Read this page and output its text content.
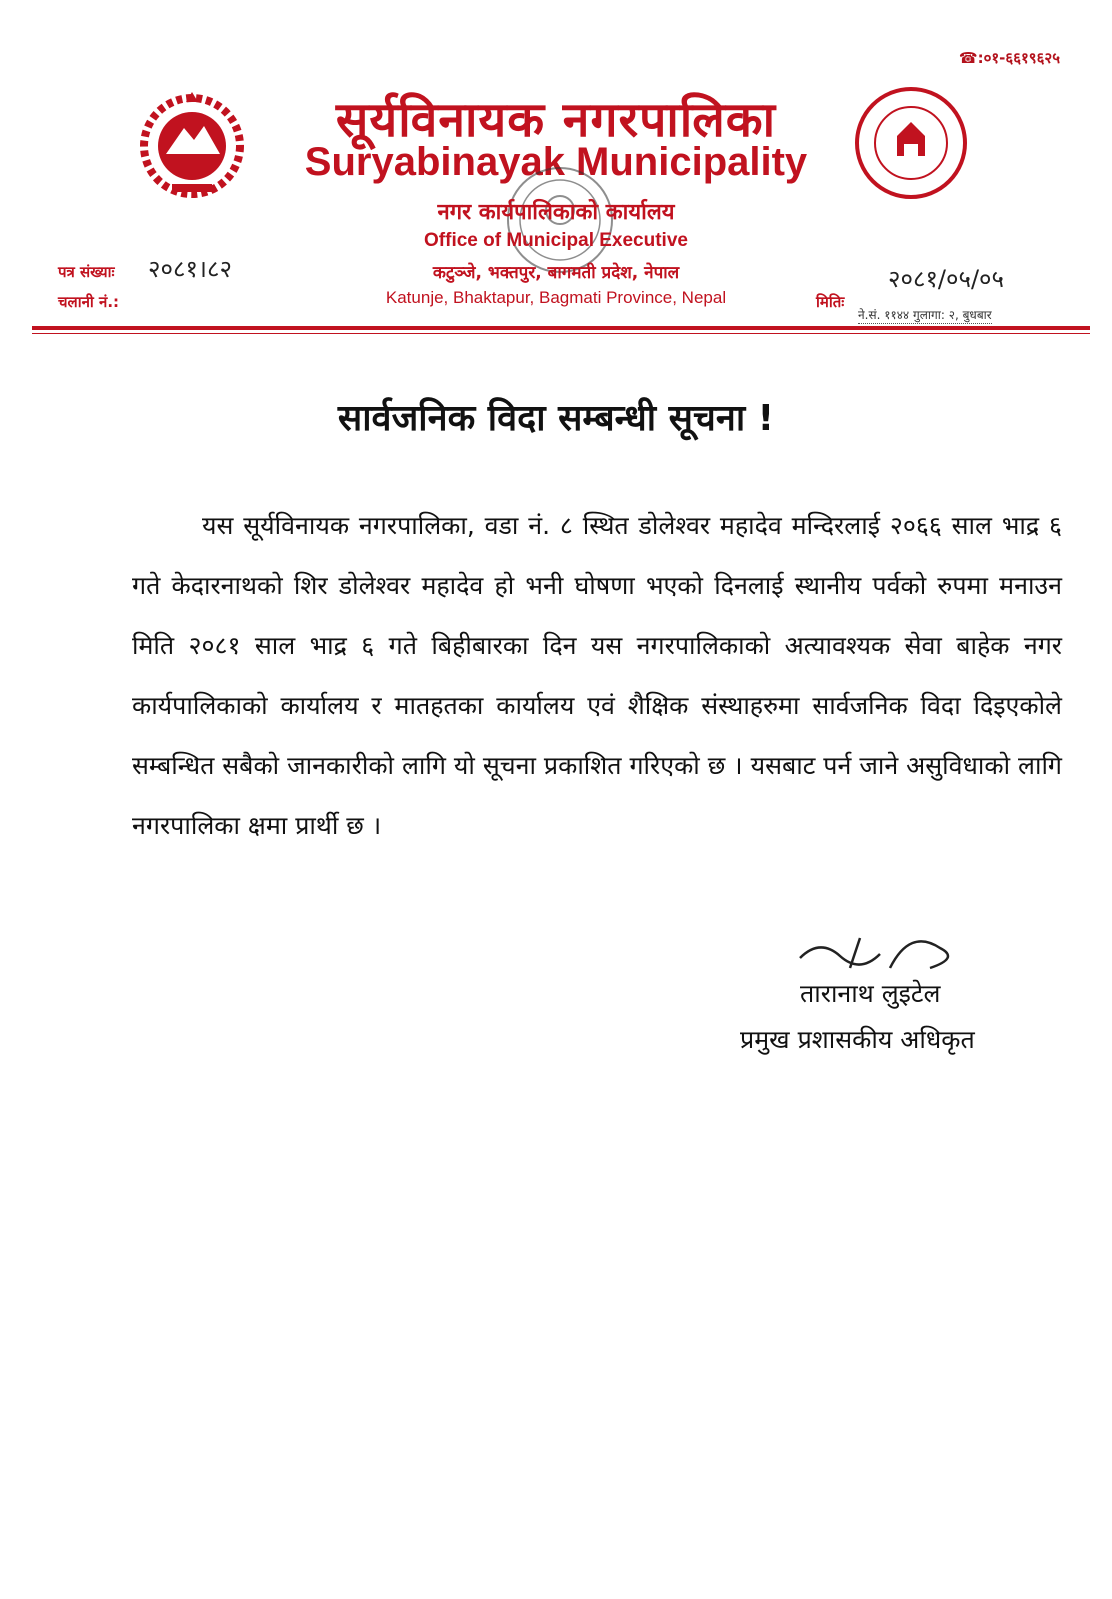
☎:०१-६६१९६२५
सूर्यविनायक नगरपालिका
Suryabinayak Municipality
नगर कार्यपालिकाको कार्यालय
Office of Municipal Executive
कटुञ्जे, भक्तपुर, बागमती प्रदेश, नेपाल
Katunje, Bhaktapur, Bagmati Province, Nepal
पत्र संख्याः २०८१।८२
चलानी नं.:	मितिः
२०८१/०५/०५
ने.सं. ११४४ गुलागा: २, बुधबार
सार्वजनिक विदा सम्बन्धी सूचना !
यस सूर्यविनायक नगरपालिका, वडा नं. ८ स्थित डोलेश्वर महादेव मन्दिरलाई २०६६ साल भाद्र ६ गते केदारनाथको शिर डोलेश्वर महादेव हो भनी घोषणा भएको दिनलाई स्थानीय पर्वको रुपमा मनाउन मिति २०८१ साल भाद्र ६ गते बिहीबारका दिन यस नगरपालिकाको अत्यावश्यक सेवा बाहेक नगर कार्यपालिकाको कार्यालय र मातहतका कार्यालय एवं शैक्षिक संस्थाहरुमा सार्वजनिक विदा दिइएकोले सम्बन्धित सबैको जानकारीको लागि यो सूचना प्रकाशित गरिएको छ । यसबाट पर्न जाने असुविधाको लागि नगरपालिका क्षमा प्रार्थी छ ।
तारानाथ लुइटेल
प्रमुख प्रशासकीय अधिकृत
